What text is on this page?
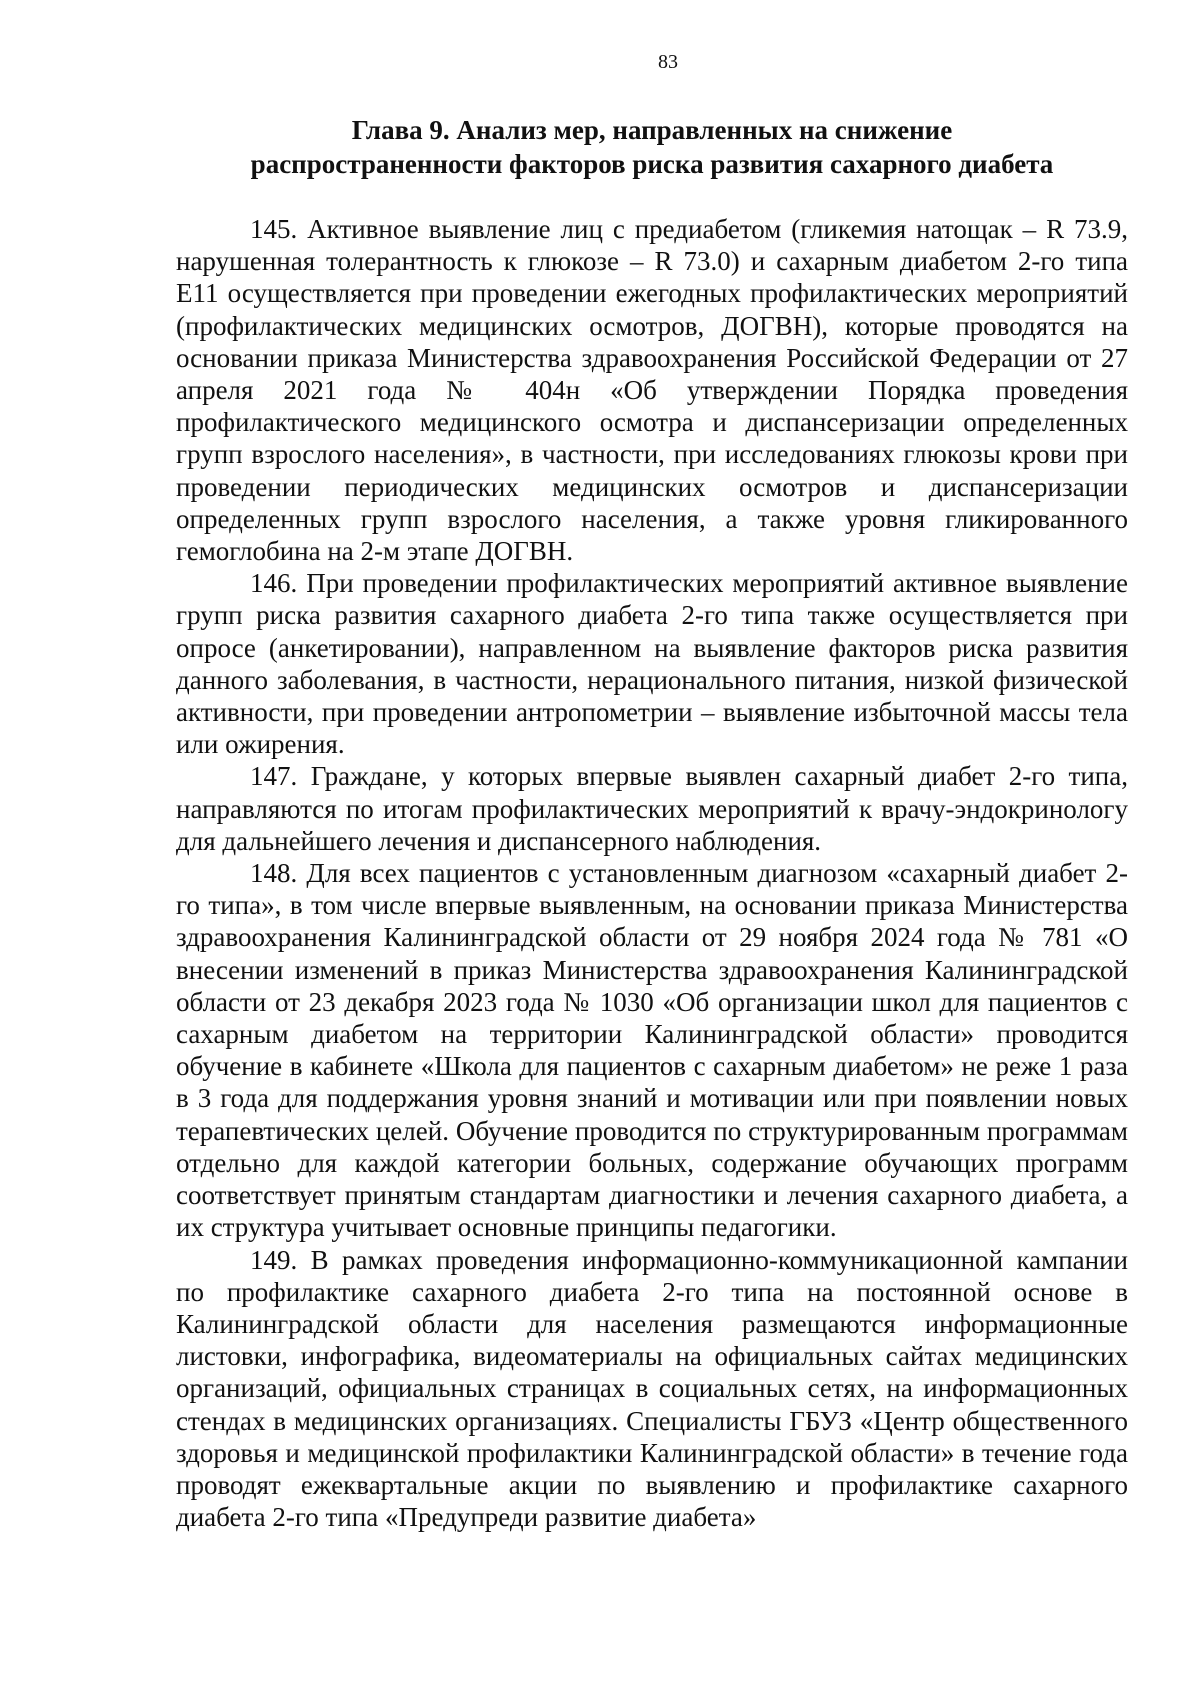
83
Глава 9. Анализ мер, направленных на снижение
распространенности факторов риска развития сахарного диабета

145. Активное выявление лиц с предиабетом (гликемия натощак – R 73.9, нарушенная толерантность к глюкозе – R 73.0) и сахарным диабетом 2-го типа Е11 осуществляется при проведении ежегодных профилактических мероприятий (профилактических медицинских осмотров, ДОГВН), которые проводятся на основании приказа Министерства здравоохранения Российской Федерации от 27 апреля 2021 года № 404н «Об утверждении Порядка проведения профилактического медицинского осмотра и диспансеризации определенных групп взрослого населения», в частности, при исследованиях глюкозы крови при проведении периодических медицинских осмотров и диспансеризации определенных групп взрослого населения, а также уровня гликированного гемоглобина на 2-м этапе ДОГВН.

146. При проведении профилактических мероприятий активное выявление групп риска развития сахарного диабета 2-го типа также осуществляется при опросе (анкетировании), направленном на выявление факторов риска развития данного заболевания, в частности, нерационального питания, низкой физической активности, при проведении антропометрии – выявление избыточной массы тела или ожирения.

147. Граждане, у которых впервые выявлен сахарный диабет 2-го типа, направляются по итогам профилактических мероприятий к врачу-эндокринологу для дальнейшего лечения и диспансерного наблюдения.

148. Для всех пациентов с установленным диагнозом «сахарный диабет 2-го типа», в том числе впервые выявленным, на основании приказа Министерства здравоохранения Калининградской области от 29 ноября 2024 года № 781 «О внесении изменений в приказ Министерства здравоохранения Калининградской области от 23 декабря 2023 года № 1030 «Об организации школ для пациентов с сахарным диабетом на территории Калининградской области» проводится обучение в кабинете «Школа для пациентов с сахарным диабетом» не реже 1 раза в 3 года для поддержания уровня знаний и мотивации или при появлении новых терапевтических целей. Обучение проводится по структурированным программам отдельно для каждой категории больных, содержание обучающих программ соответствует принятым стандартам диагностики и лечения сахарного диабета, а их структура учитывает основные принципы педагогики.

149. В рамках проведения информационно-коммуникационной кампании по профилактике сахарного диабета 2-го типа на постоянной основе в Калининградской области для населения размещаются информационные листовки, инфографика, видеоматериалы на официальных сайтах медицинских организаций, официальных страницах в социальных сетях, на информационных стендах в медицинских организациях. Специалисты ГБУЗ «Центр общественного здоровья и медицинской профилактики Калининградской области» в течение года проводят ежеквартальные акции по выявлению и профилактике сахарного диабета 2-го типа «Предупреди развитие диабета»
